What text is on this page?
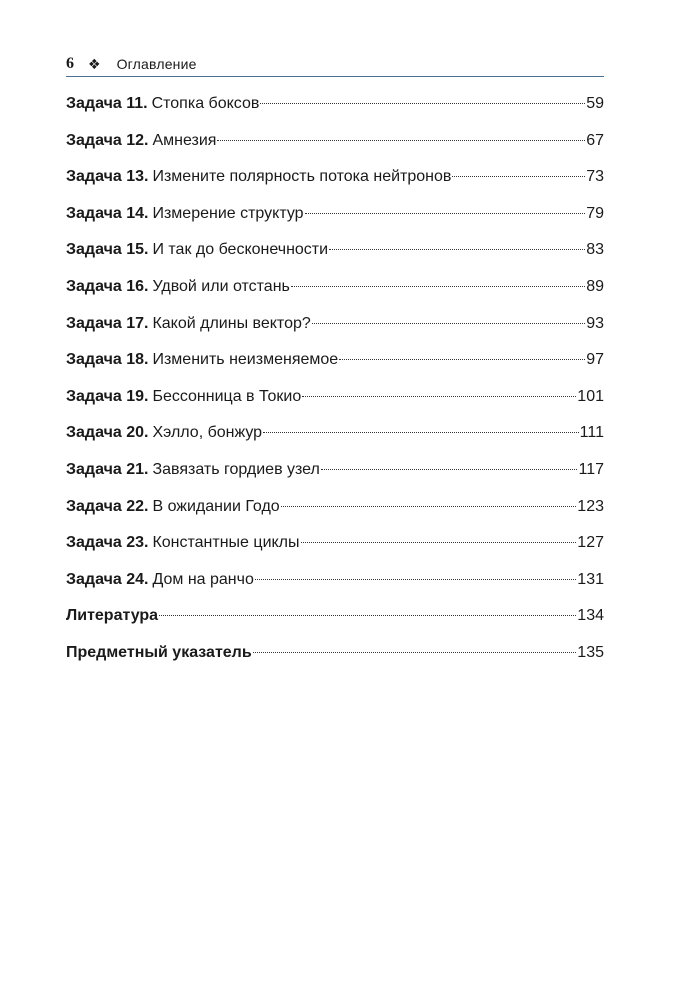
6 ❖ Оглавление
Задача 11. Стопка боксов	59
Задача 12. Амнезия	67
Задача 13. Измените полярность потока нейтронов	73
Задача 14. Измерение структур	79
Задача 15. И так до бесконечности	83
Задача 16. Удвой или отстань	89
Задача 17. Какой длины вектор?	93
Задача 18. Изменить неизменяемое	97
Задача 19. Бессонница в Токио	101
Задача 20. Хэлло, бонжур	111
Задача 21. Завязать гордиев узел	117
Задача 22. В ожидании Годо	123
Задача 23. Константные циклы	127
Задача 24. Дом на ранчо	131
Литература	134
Предметный указатель	135
